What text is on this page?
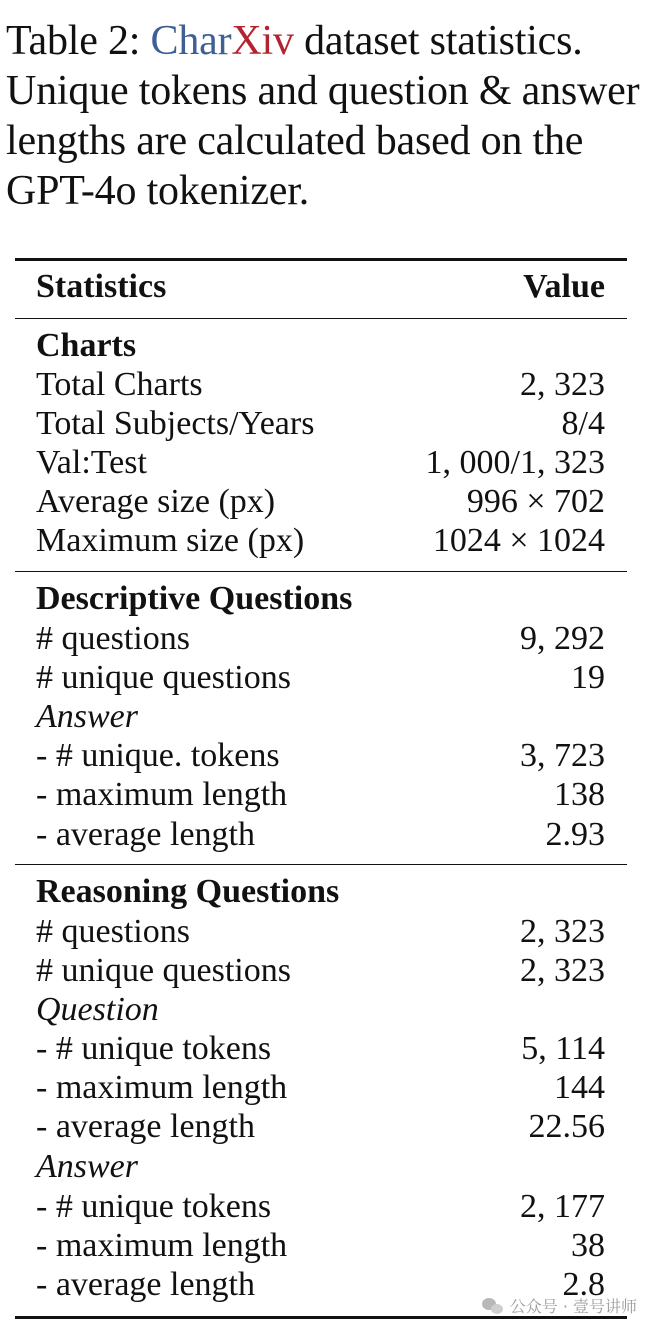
Table 2: CharXiv dataset statistics. Unique tokens and question & answer lengths are calculated based on the GPT-4o tokenizer.
Statistics	Value
Charts
Total Charts	2, 323
Total Subjects/Years	8/4
Val:Test	1, 000/1, 323
Average size (px)	996 × 702
Maximum size (px)	1024 × 1024
Descriptive Questions
# questions	9, 292
# unique questions	19
Answer
- # unique. tokens	3, 723
- maximum length	138
- average length	2.93
Reasoning Questions
# questions	2, 323
# unique questions	2, 323
Question
- # unique tokens	5, 114
- maximum length	144
- average length	22.56
Answer
- # unique tokens	2, 177
- maximum length	38
- average length	2.8
公众号 · 壹号讲师
